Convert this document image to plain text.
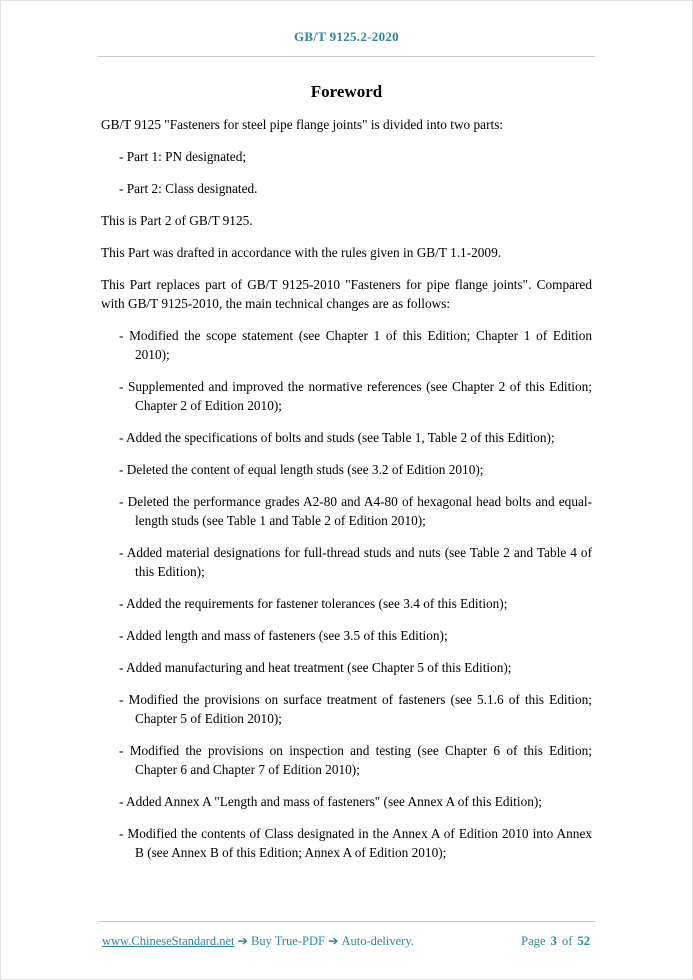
GB/T 9125.2-2020
Foreword

GB/T 9125 "Fasteners for steel pipe flange joints" is divided into two parts:

- Part 1: PN designated;

- Part 2: Class designated.

This is Part 2 of GB/T 9125.

This Part was drafted in accordance with the rules given in GB/T 1.1-2009.

This Part replaces part of GB/T 9125-2010 "Fasteners for pipe flange joints". Compared with GB/T 9125-2010, the main technical changes are as follows:

- Modified the scope statement (see Chapter 1 of this Edition; Chapter 1 of Edition 2010);

- Supplemented and improved the normative references (see Chapter 2 of this Edition; Chapter 2 of Edition 2010);

- Added the specifications of bolts and studs (see Table 1, Table 2 of this Edition);

- Deleted the content of equal length studs (see 3.2 of Edition 2010);

- Deleted the performance grades A2-80 and A4-80 of hexagonal head bolts and equal-length studs (see Table 1 and Table 2 of Edition 2010);

- Added material designations for full-thread studs and nuts (see Table 2 and Table 4 of this Edition);

- Added the requirements for fastener tolerances (see 3.4 of this Edition);

- Added length and mass of fasteners (see 3.5 of this Edition);

- Added manufacturing and heat treatment (see Chapter 5 of this Edition);

- Modified the provisions on surface treatment of fasteners (see 5.1.6 of this Edition; Chapter 5 of Edition 2010);

- Modified the provisions on inspection and testing (see Chapter 6 of this Edition; Chapter 6 and Chapter 7 of Edition 2010);

- Added Annex A "Length and mass of fasteners" (see Annex A of this Edition);

- Modified the contents of Class designated in the Annex A of Edition 2010 into Annex B (see Annex B of this Edition; Annex A of Edition 2010);

www.ChineseStandard.net ➔ Buy True-PDF ➔ Auto-delivery.	Page 3 of 52
